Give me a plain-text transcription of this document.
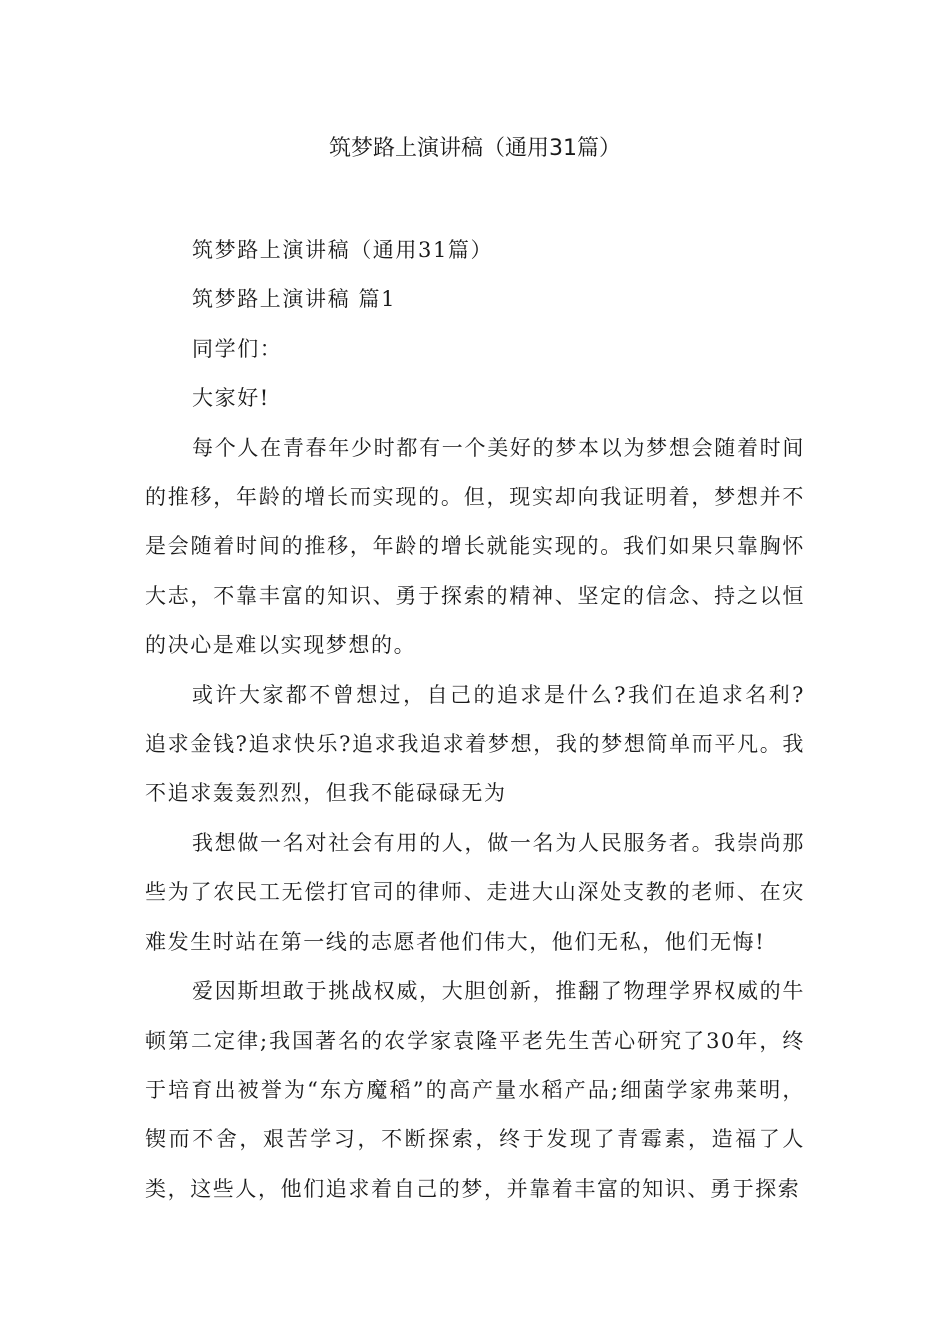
筑梦路上演讲稿（通用31篇）

筑梦路上演讲稿（通用31篇）

筑梦路上演讲稿 篇1

同学们：

大家好!

每个人在青春年少时都有一个美好的梦本以为梦想会随着时间的推移，年龄的增长而实现的。但，现实却向我证明着，梦想并不是会随着时间的推移，年龄的增长就能实现的。我们如果只靠胸怀大志，不靠丰富的知识、勇于探索的精神、坚定的信念、持之以恒的决心是难以实现梦想的。

或许大家都不曾想过，自己的追求是什么?我们在追求名利?追求金钱?追求快乐?追求我追求着梦想，我的梦想简单而平凡。我不追求轰轰烈烈，但我不能碌碌无为

我想做一名对社会有用的人，做一名为人民服务者。我崇尚那些为了农民工无偿打官司的律师、走进大山深处支教的老师、在灾难发生时站在第一线的志愿者他们伟大，他们无私，他们无悔!

爱因斯坦敢于挑战权威，大胆创新，推翻了物理学界权威的牛顿第二定律;我国著名的农学家袁隆平老先生苦心研究了30年，终于培育出被誉为“东方魔稻”的高产量水稻产品;细菌学家弗莱明，锲而不舍，艰苦学习，不断探索，终于发现了青霉素，造福了人类，这些人，他们追求着自己的梦，并靠着丰富的知识、勇于探索
